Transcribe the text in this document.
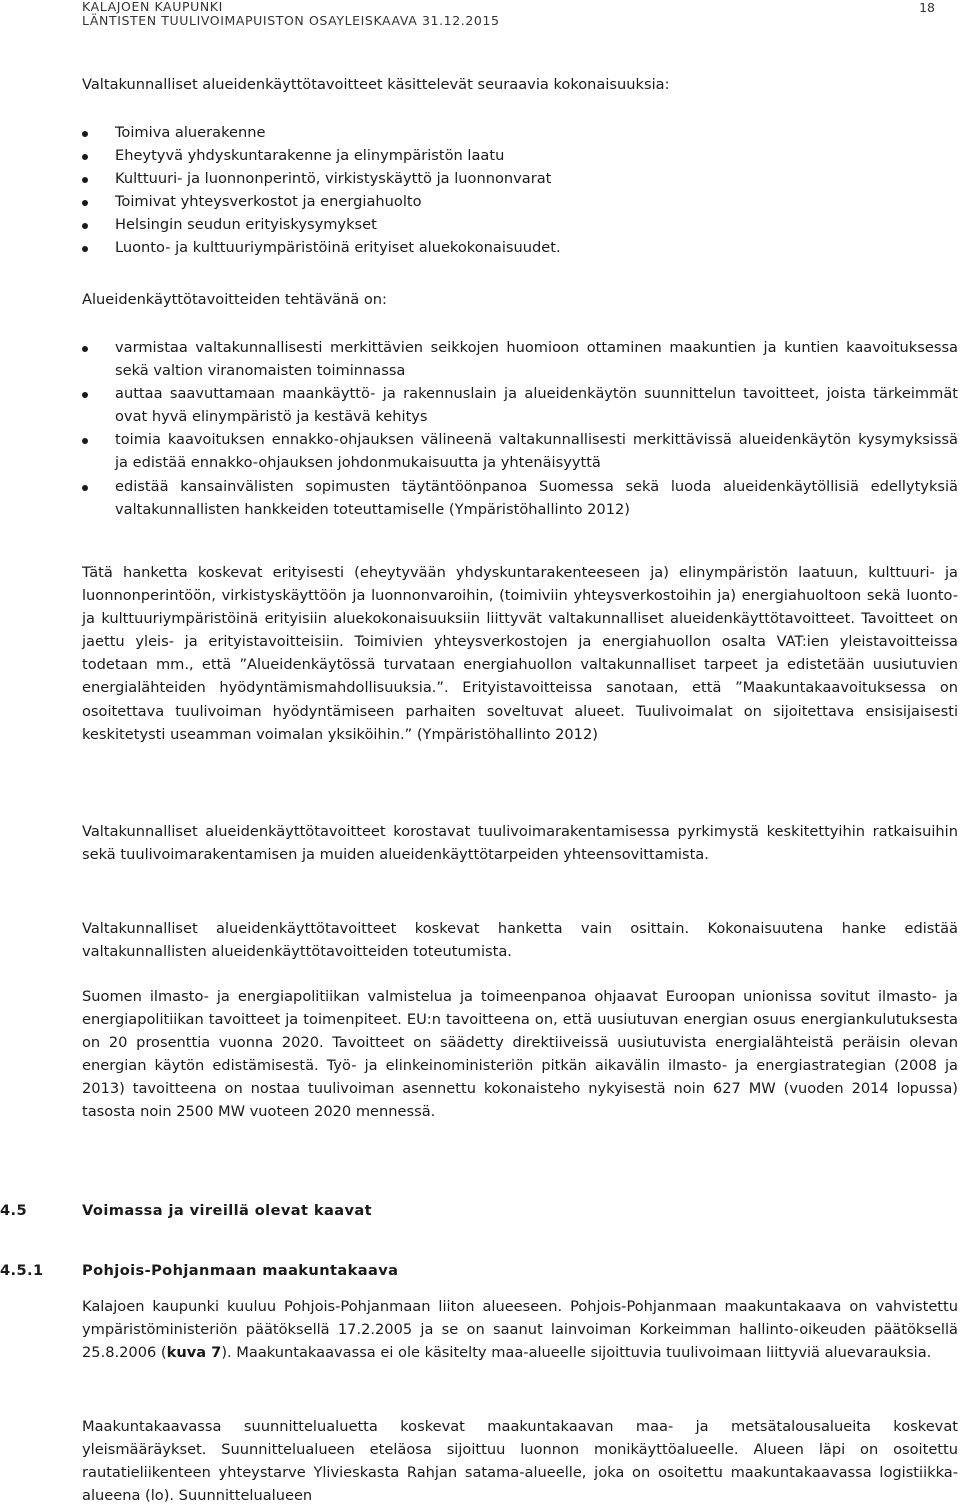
KALAJOEN KAUPUNKI
LÄNTISTEN TUULIVOIMAPUISTON OSAYLEISKAAVA 31.12.2015
18
Valtakunnalliset alueidenkäyttötavoitteet käsittelevät seuraavia kokonaisuuksia:
Toimiva aluerakenne
Eheytyvä yhdyskuntarakenne ja elinympäristön laatu
Kulttuuri- ja luonnonperintö, virkistyskäyttö ja luonnonvarat
Toimivat yhteysverkostot ja energiahuolto
Helsingin seudun erityiskysymykset
Luonto- ja kulttuuriympäristöinä erityiset aluekokonaisuudet.
Alueidenkäyttötavoitteiden tehtävänä on:
varmistaa valtakunnallisesti merkittävien seikkojen huomioon ottaminen maakuntien ja kuntien kaavoituksessa sekä valtion viranomaisten toiminnassa
auttaa saavuttamaan maankäyttö- ja rakennuslain ja alueidenkäytön suunnittelun tavoitteet, joista tärkeimmät ovat hyvä elinympäristö ja kestävä kehitys
toimia kaavoituksen ennakko-ohjauksen välineenä valtakunnallisesti merkittävissä alueidenkäytön kysymyksissä ja edistää ennakko-ohjauksen johdonmukaisuutta ja yhtenäisyyttä
edistää kansainvälisten sopimusten täytäntöönpanoa Suomessa sekä luoda alueidenkäytöllisiä edellytyksiä valtakunnallisten hankkeiden toteuttamiselle (Ympäristöhallinto 2012)

Tätä hanketta koskevat erityisesti (eheytyvään yhdyskuntarakenteeseen ja) elinympäristön laatuun, kulttuuri- ja luonnonperintöön, virkistyskäyttöön ja luonnonvaroihin, (toimiviin yhteysverkostoihin ja) energiahuoltoon sekä luonto- ja kulttuuriympäristöinä erityisiin aluekokonaisuuksiin liittyvät valtakunnalliset alueidenkäyttötavoitteet. Tavoitteet on jaettu yleis- ja erityistavoitteisiin. Toimivien yhteysverkostojen ja energiahuollon osalta VAT:ien yleistavoitteissa todetaan mm., että ”Alueidenkäytössä turvataan energiahuollon valtakunnalliset tarpeet ja edistetään uusiutuvien energialähteiden hyödyntämismahdollisuuksia.”. Erityistavoitteissa sanotaan, että ”Maakuntakaavoituksessa on osoitettava tuulivoiman hyödyntämiseen parhaiten soveltuvat alueet. Tuulivoimalat on sijoitettava ensisijaisesti keskitetysti useamman voimalan yksiköihin.” (Ympäristöhallinto 2012)

Valtakunnalliset alueidenkäyttötavoitteet korostavat tuulivoimarakentamisessa pyrkimystä keskitettyihin ratkaisuihin sekä tuulivoimarakentamisen ja muiden alueidenkäyttötarpeiden yhteensovittamista.

Valtakunnalliset alueidenkäyttötavoitteet koskevat hanketta vain osittain. Kokonaisuutena hanke edistää valtakunnallisten alueidenkäyttötavoitteiden toteutumista.

Suomen ilmasto- ja energiapolitiikan valmistelua ja toimeenpanoa ohjaavat Euroopan unionissa sovitut ilmasto- ja energiapolitiikan tavoitteet ja toimenpiteet. EU:n tavoitteena on, että uusiutuvan energian osuus energiankulutuksesta on 20 prosenttia vuonna 2020. Tavoitteet on säädetty direktiiveissä uusiutuvista energialähteistä peräisin olevan energian käytön edistämisestä. Työ- ja elinkeinoministeriön pitkän aikavälin ilmasto- ja energiastrategian (2008 ja 2013) tavoitteena on nostaa tuulivoiman asennettu kokonaisteho nykyisestä noin 627 MW (vuoden 2014 lopussa) tasosta noin 2500 MW vuoteen 2020 mennessä.

4.5	Voimassa ja vireillä olevat kaavat
4.5.1	Pohjois-Pohjanmaan maakuntakaava

Kalajoen kaupunki kuuluu Pohjois-Pohjanmaan liiton alueeseen. Pohjois-Pohjanmaan maakuntakaava on vahvistettu ympäristöministeriön päätöksellä 17.2.2005 ja se on saanut lainvoiman Korkeimman hallinto-oikeuden päätöksellä 25.8.2006 (kuva 7). Maakuntakaavassa ei ole käsitelty maa-alueelle sijoittuvia tuulivoimaan liittyviä aluevarauksia.

Maakuntakaavassa suunnittelualuetta koskevat maakuntakaavan maa- ja metsätalousalueita koskevat yleismääräykset. Suunnittelualueen eteläosa sijoittuu luonnon monikäyttöalueelle. Alueen läpi on osoitettu rautatieliikenteen yhteystarve Ylivieskasta Rahjan satama-alueelle, joka on osoitettu maakuntakaavassa logistiikka-alueena (lo). Suunnittelualueen
